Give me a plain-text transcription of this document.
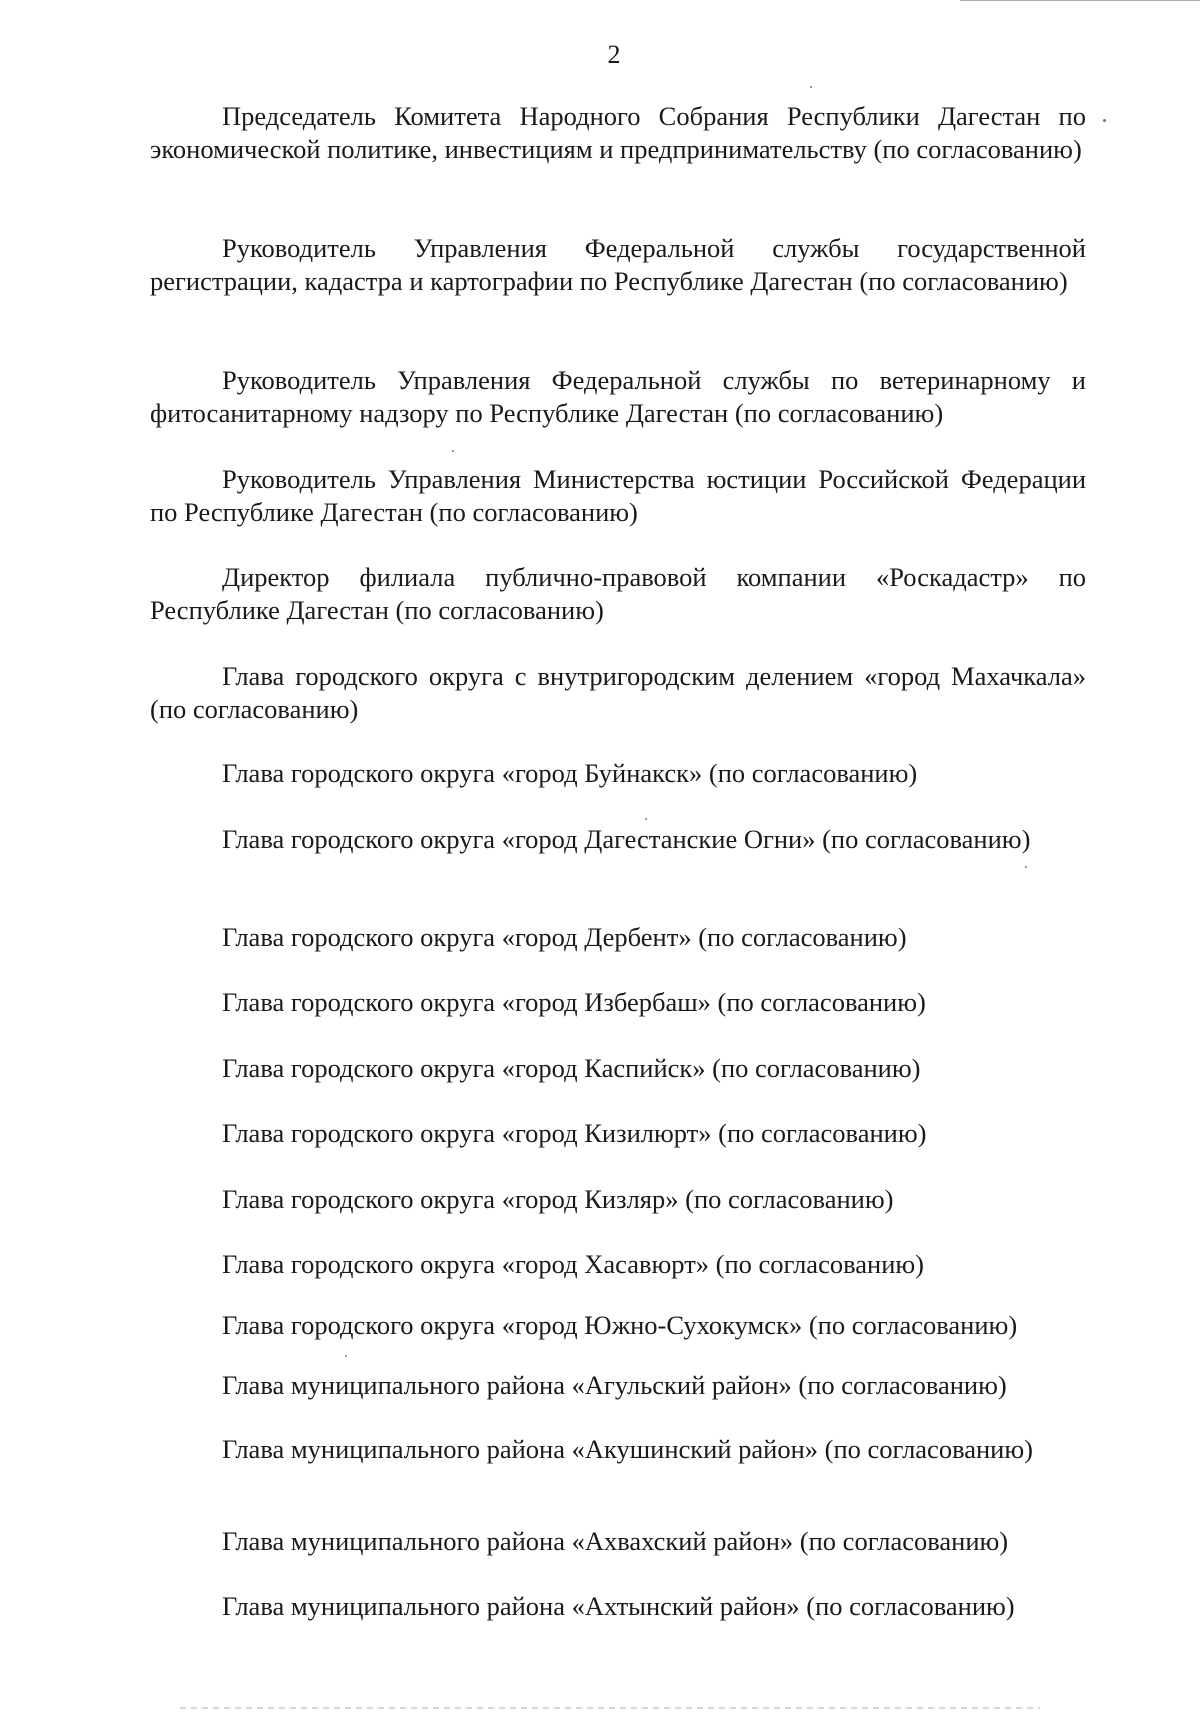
2

Председатель Комитета Народного Собрания Республики Дагестан по экономической политике, инвестициям и предпринимательству (по согласованию)

Руководитель Управления Федеральной службы государственной регистрации, кадастра и картографии по Республике Дагестан (по согласованию)

Руководитель Управления Федеральной службы по ветеринарному и фитосанитарному надзору по Республике Дагестан (по согласованию)

Руководитель Управления Министерства юстиции Российской Федерации по Республике Дагестан (по согласованию)

Директор филиала публично-правовой компании «Роскадастр» по Республике Дагестан (по согласованию)

Глава городского округа с внутригородским делением «город Махачкала» (по согласованию)

Глава городского округа «город Буйнакск» (по согласованию)

Глава городского округа «город Дагестанские Огни» (по согласованию)

Глава городского округа «город Дербент» (по согласованию)

Глава городского округа «город Избербаш» (по согласованию)

Глава городского округа «город Каспийск» (по согласованию)

Глава городского округа «город Кизилюрт» (по согласованию)

Глава городского округа «город Кизляр» (по согласованию)

Глава городского округа «город Хасавюрт» (по согласованию)

Глава городского округа «город Южно-Сухокумск» (по согласованию)

Глава муниципального района «Агульский район» (по согласованию)

Глава муниципального района «Акушинский район» (по согласованию)

Глава муниципального района «Ахвахский район» (по согласованию)

Глава муниципального района «Ахтынский район» (по согласованию)
